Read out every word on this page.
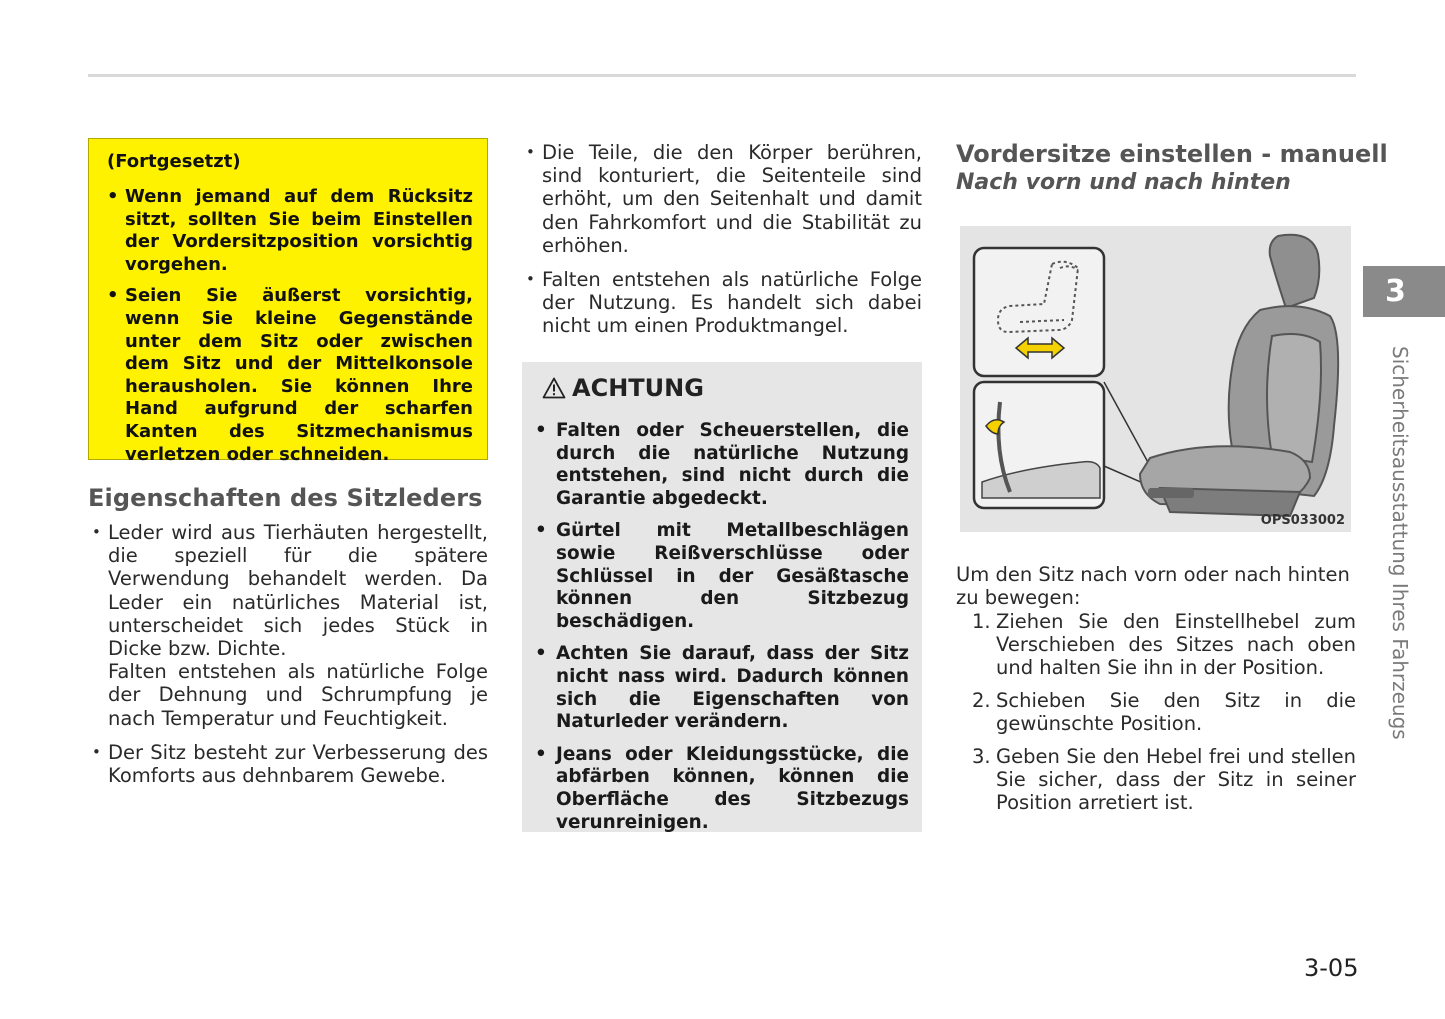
(Fortgesetzt)

• Wenn jemand auf dem Rücksitz sitzt, sollten Sie beim Einstellen der Vordersitzposition vorsichtig vorgehen.
• Seien Sie äußerst vorsichtig, wenn Sie kleine Gegenstände unter dem Sitz oder zwischen dem Sitz und der Mittelkonsole herausholen. Sie können Ihre Hand aufgrund der scharfen Kanten des Sitzmechanismus verletzen oder schneiden.
Eigenschaften des Sitzleders

• Leder wird aus Tierhäuten hergestellt, die speziell für die spätere Verwendung behandelt werden. Da Leder ein natürliches Material ist, unterscheidet sich jedes Stück in Dicke bzw. Dichte.

Falten entstehen als natürliche Folge der Dehnung und Schrumpfung je nach Temperatur und Feuchtigkeit.

• Der Sitz besteht zur Verbesserung des Komforts aus dehnbarem Gewebe.

• Die Teile, die den Körper berühren, sind konturiert, die Seitenteile sind erhöht, um den Seitenhalt und damit den Fahrkomfort und die Stabilität zu erhöhen.
• Falten entstehen als natürliche Folge der Nutzung. Es handelt sich dabei nicht um einen Produktmangel.
ACHTUNG
• Falten oder Scheuerstellen, die durch die natürliche Nutzung entstehen, sind nicht durch die Garantie abgedeckt.
• Gürtel mit Metallbeschlägen sowie Reißverschlüsse oder Schlüssel in der Gesäßtasche können den Sitzbezug beschädigen.
• Achten Sie darauf, dass der Sitz nicht nass wird. Dadurch können sich die Eigenschaften von Naturleder verändern.
• Jeans oder Kleidungsstücke, die abfärben können, können die Oberfläche des Sitzbezugs verunreinigen.
Vordersitze einstellen - manuell
Nach vorn und nach hinten
OPS033002

Um den Sitz nach vorn oder nach hinten zu bewegen:

1. Ziehen Sie den Einstellhebel zum Verschieben des Sitzes nach oben und halten Sie ihn in der Position.
2. Schieben Sie den Sitz in die gewünschte Position.
3. Geben Sie den Hebel frei und stellen Sie sicher, dass der Sitz in seiner Position arretiert ist.
3
Sicherheitsausstattung Ihres Fahrzeugs
3-05
